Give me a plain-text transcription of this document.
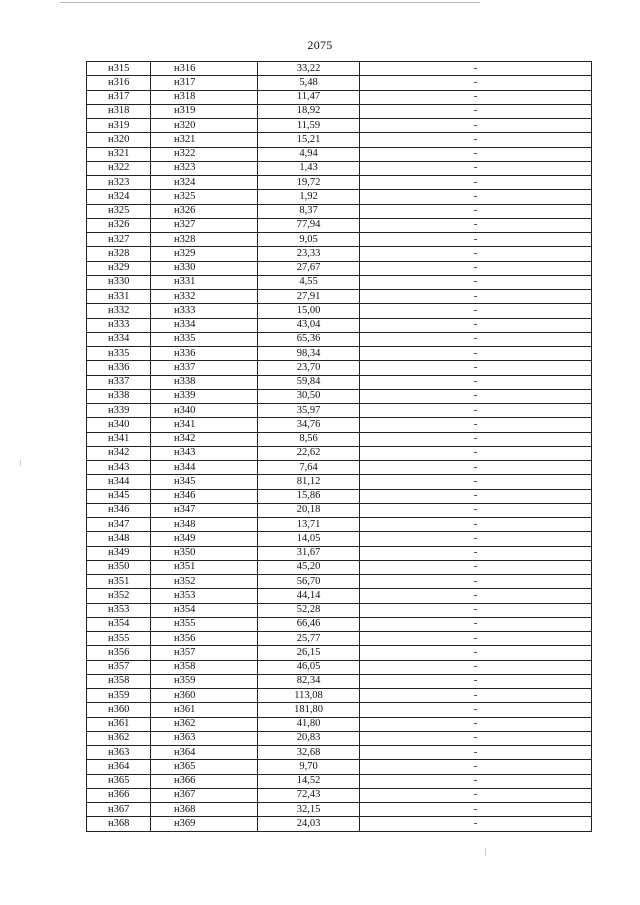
2075
н315	н316	33,22	-
н316	н317	5,48	-
н317	н318	11,47	-
н318	н319	18,92	-
н319	н320	11,59	-
н320	н321	15,21	-
н321	н322	4,94	-
н322	н323	1,43	-
н323	н324	19,72	-
н324	н325	1,92	-
н325	н326	8,37	-
н326	н327	77,94	-
н327	н328	9,05	-
н328	н329	23,33	-
н329	н330	27,67	-
н330	н331	4,55	-
н331	н332	27,91	-
н332	н333	15,00	-
н333	н334	43,04	-
н334	н335	65,36	-
н335	н336	98,34	-
н336	н337	23,70	-
н337	н338	59,84	-
н338	н339	30,50	-
н339	н340	35,97	-
н340	н341	34,76	-
н341	н342	8,56	-
н342	н343	22,62	-
н343	н344	7,64	-
н344	н345	81,12	-
н345	н346	15,86	-
н346	н347	20,18	-
н347	н348	13,71	-
н348	н349	14,05	-
н349	н350	31,67	-
н350	н351	45,20	-
н351	н352	56,70	-
н352	н353	44,14	-
н353	н354	52,28	-
н354	н355	66,46	-
н355	н356	25,77	-
н356	н357	26,15	-
н357	н358	46,05	-
н358	н359	82,34	-
н359	н360	113,08	-
н360	н361	181,80	-
н361	н362	41,80	-
н362	н363	20,83	-
н363	н364	32,68	-
н364	н365	9,70	-
н365	н366	14,52	-
н366	н367	72,43	-
н367	н368	32,15	-
н368	н369	24,03	-
